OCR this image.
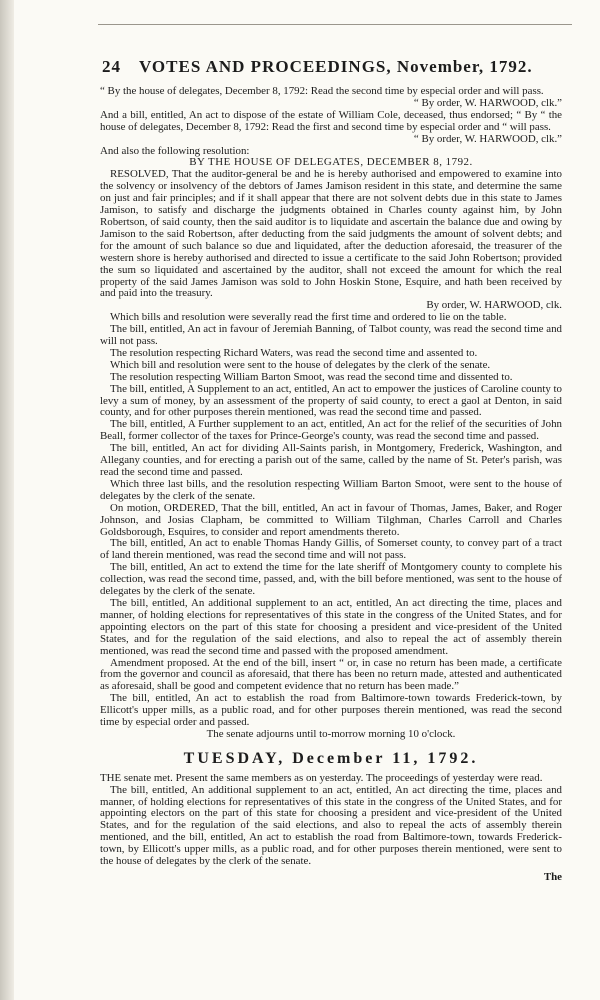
24 VOTES AND PROCEEDINGS, November, 1792.

“ By the house of delegates, December 8, 1792: Read the second time by especial order and will pass.

“ By order, W. HARWOOD, clk.”

And a bill, entitled, An act to dispose of the estate of William Cole, deceased, thus endorsed; “ By “ the house of delegates, December 8, 1792: Read the first and second time by especial order and “ will pass.

“ By order, W. HARWOOD, clk.”

And also the following resolution:

BY THE HOUSE OF DELEGATES, DECEMBER 8, 1792.

RESOLVED, That the auditor-general be and he is hereby authorised and empowered to examine into the solvency or insolvency of the debtors of James Jamison resident in this state, and determine the same on just and fair principles; and if it shall appear that there are not solvent debts due in this state to James Jamison, to satisfy and discharge the judgments obtained in Charles county against him, by John Robertson, of said county, then the said auditor is to liquidate and ascertain the balance due and owing by Jamison to the said Robertson, after deducting from the said judgments the amount of solvent debts; and for the amount of such balance so due and liquidated, after the deduction aforesaid, the treasurer of the western shore is hereby authorised and directed to issue a certificate to the said John Robertson; provided the sum so liquidated and ascertained by the auditor, shall not exceed the amount for which the real property of the said James Jamison was sold to John Hoskin Stone, Esquire, and hath been received by and paid into the treasury.

By order, W. HARWOOD, clk.

Which bills and resolution were severally read the first time and ordered to lie on the table.

The bill, entitled, An act in favour of Jeremiah Banning, of Talbot county, was read the second time and will not pass.

The resolution respecting Richard Waters, was read the second time and assented to.

Which bill and resolution were sent to the house of delegates by the clerk of the senate.

The resolution respecting William Barton Smoot, was read the second time and dissented to.

The bill, entitled, A Supplement to an act, entitled, An act to empower the justices of Caroline county to levy a sum of money, by an assessment of the property of said county, to erect a gaol at Denton, in said county, and for other purposes therein mentioned, was read the second time and passed.

The bill, entitled, A Further supplement to an act, entitled, An act for the relief of the securities of John Beall, former collector of the taxes for Prince-George's county, was read the second time and passed.

The bill, entitled, An act for dividing All-Saints parish, in Montgomery, Frederick, Washington, and Allegany counties, and for erecting a parish out of the same, called by the name of St. Peter's parish, was read the second time and passed.

Which three last bills, and the resolution respecting William Barton Smoot, were sent to the house of delegates by the clerk of the senate.

On motion, ORDERED, That the bill, entitled, An act in favour of Thomas, James, Baker, and Roger Johnson, and Josias Clapham, be committed to William Tilghman, Charles Carroll and Charles Goldsborough, Esquires, to consider and report amendments thereto.

The bill, entitled, An act to enable Thomas Handy Gillis, of Somerset county, to convey part of a tract of land therein mentioned, was read the second time and will not pass.

The bill, entitled, An act to extend the time for the late sheriff of Montgomery county to complete his collection, was read the second time, passed, and, with the bill before mentioned, was sent to the house of delegates by the clerk of the senate.

The bill, entitled, An additional supplement to an act, entitled, An act directing the time, places and manner, of holding elections for representatives of this state in the congress of the United States, and for appointing electors on the part of this state for choosing a president and vice-president of the United States, and for the regulation of the said elections, and also to repeal the act of assembly therein mentioned, was read the second time and passed with the proposed amendment.

Amendment proposed. At the end of the bill, insert “ or, in case no return has been made, a certificate from the governor and council as aforesaid, that there has been no return made, attested and authenticated as aforesaid, shall be good and competent evidence that no return has been made.”

The bill, entitled, An act to establish the road from Baltimore-town towards Frederick-town, by Ellicott's upper mills, as a public road, and for other purposes therein mentioned, was read the second time by especial order and passed.

The senate adjourns until to-morrow morning 10 o'clock.

TUESDAY, December 11, 1792.

THE senate met. Present the same members as on yesterday. The proceedings of yesterday were read.

The bill, entitled, An additional supplement to an act, entitled, An act directing the time, places and manner, of holding elections for representatives of this state in the congress of the United States, and for appointing electors on the part of this state for choosing a president and vice-president of the United States, and for the regulation of the said elections, and also to repeal the acts of assembly therein mentioned, and the bill, entitled, An act to establish the road from Baltimore-town, towards Frederick-town, by Ellicott's upper mills, as a public road, and for other purposes therein mentioned, were sent to the house of delegates by the clerk of the senate.

The
